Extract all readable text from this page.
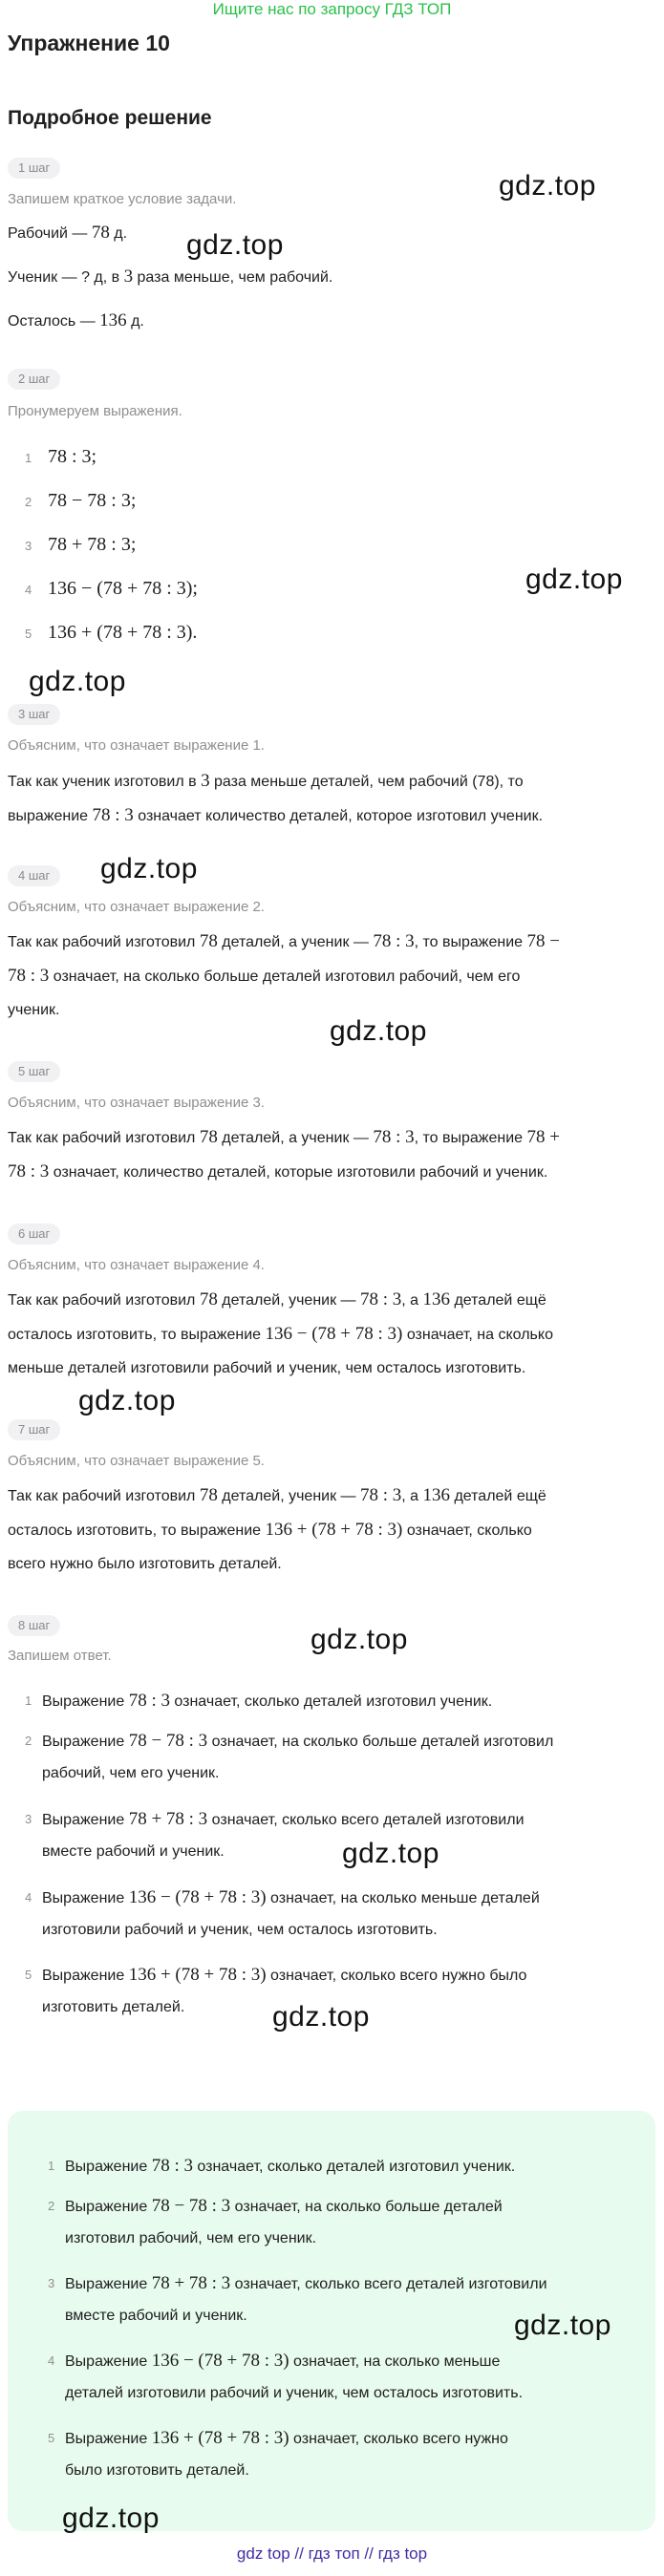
Ищите нас по запросу ГДЗ ТОП
Упражнение 10
Подробное решение
1 шаг
Запишем краткое условие задачи.
Рабочий — 78 д.
Ученик — ? д, в 3 раза меньше, чем рабочий.
Осталось — 136 д.
2 шаг
Пронумеруем выражения.
1 78 : 3;
2 78 − 78 : 3;
3 78 + 78 : 3;
4 136 − (78 + 78 : 3);
5 136 + (78 + 78 : 3).
3 шаг
Объясним, что означает выражение 1.
Так как ученик изготовил в 3 раза меньше деталей, чем рабочий (78), то
выражение 78 : 3 означает количество деталей, которое изготовил ученик.
4 шаг
Объясним, что означает выражение 2.
Так как рабочий изготовил 78 деталей, а ученик — 78 : 3, то выражение 78 −
78 : 3 означает, на сколько больше деталей изготовил рабочий, чем его
ученик.
5 шаг
Объясним, что означает выражение 3.
Так как рабочий изготовил 78 деталей, а ученик — 78 : 3, то выражение 78 +
78 : 3 означает, количество деталей, которые изготовили рабочий и ученик.
6 шаг
Объясним, что означает выражение 4.
Так как рабочий изготовил 78 деталей, ученик — 78 : 3, а 136 деталей ещё
осталось изготовить, то выражение 136 − (78 + 78 : 3) означает, на сколько
меньше деталей изготовили рабочий и ученик, чем осталось изготовить.
7 шаг
Объясним, что означает выражение 5.
Так как рабочий изготовил 78 деталей, ученик — 78 : 3, а 136 деталей ещё
осталось изготовить, то выражение 136 + (78 + 78 : 3) означает, сколько
всего нужно было изготовить деталей.
8 шаг
Запишем ответ.
1 Выражение 78 : 3 означает, сколько деталей изготовил ученик.
2 Выражение 78 − 78 : 3 означает, на сколько больше деталей изготовил
рабочий, чем его ученик.
3 Выражение 78 + 78 : 3 означает, сколько всего деталей изготовили
вместе рабочий и ученик.
4 Выражение 136 − (78 + 78 : 3) означает, на сколько меньше деталей
изготовили рабочий и ученик, чем осталось изготовить.
5 Выражение 136 + (78 + 78 : 3) означает, сколько всего нужно было
изготовить деталей.
1 Выражение 78 : 3 означает, сколько деталей изготовил ученик.
2 Выражение 78 − 78 : 3 означает, на сколько больше деталей
изготовил рабочий, чем его ученик.
3 Выражение 78 + 78 : 3 означает, сколько всего деталей изготовили
вместе рабочий и ученик.
4 Выражение 136 − (78 + 78 : 3) означает, на сколько меньше
деталей изготовили рабочий и ученик, чем осталось изготовить.
5 Выражение 136 + (78 + 78 : 3) означает, сколько всего нужно
было изготовить деталей.
gdz.top
gdz.top
gdz.top
gdz.top
gdz.top
gdz.top
gdz.top
gdz.top
gdz.top
gdz.top
gdz.top
gdz.top
gdz top // гдз топ // гдз top
